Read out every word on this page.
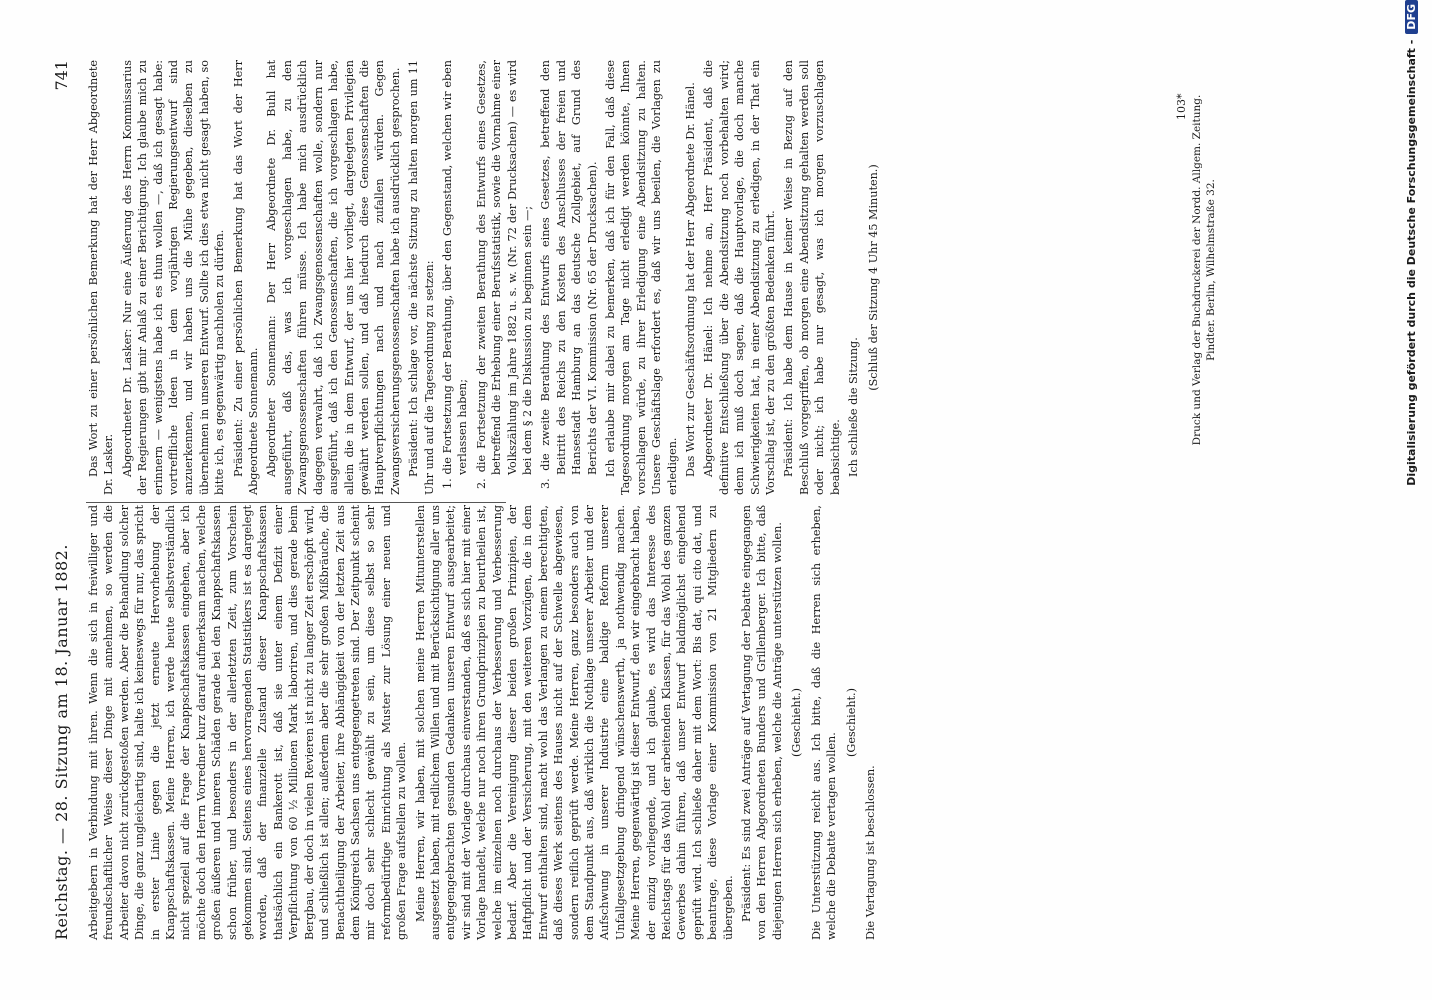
Reichstag. — 28. Sitzung am 18. Januar 1882.
741

Arbeitgebern in Verbindung mit ihren. Wenn die sich in freiwilliger und freundschaftlicher Weise dieser Dinge mit annehmen, so werden die Arbeiter davon nicht zurückgestoßen werden. Aber die Behandlung solcher Dinge, die ganz ungleichartig sind, halte ich keineswegs für nur, das spricht in erster Linie gegen die jetzt erneute Hervorhebung der Knappschaftskassen. Meine Herren, ich werde heute selbstverständlich nicht speziell auf die Frage der Knappschaftskassen eingehen, aber ich möchte doch den Herrn Vorredner kurz darauf aufmerksam machen, welche großen äußeren und inneren Schäden gerade bei den Knappschaftskassen schon früher, und besonders in der allerletzten Zeit, zum Vorschein gekommen sind. Seitens eines hervorragenden Statistikers ist es dargelegt worden, daß der finanzielle Zustand dieser Knappschaftskassen thatsächlich ein Bankerott ist, daß sie unter einem Defizit einer Verpflichtung von 60 ½ Millionen Mark laboriren, und dies gerade beim Bergbau, der doch in vielen Revieren ist nicht zu langer Zeit erschöpft wird, und schließlich ist allen; außerdem aber die sehr großen Mißbräuche, die Benachtheiligung der Arbeiter, ihre Abhängigkeit von der letzten Zeit aus dem Königreich Sachsen uns entgegengetreten sind. Der Zeitpunkt scheint mir doch sehr schlecht gewählt zu sein, um diese selbst so sehr reformbedürftige Einrichtung als Muster zur Lösung einer neuen und großen Frage aufstellen zu wollen. Meine Herren, wir haben, mit solchen meine Herren Mitunterstellen ausgesetzt haben, mit redlichem Willen und mit Berücksichtigung aller uns entgegengebrachten gesunden Gedanken unseren Entwurf ausgearbeitet; wir sind mit der Vorlage durchaus einverstanden, daß es sich hier mit einer Vorlage handelt, welche nur noch ihren Grundprinzipien zu beurtheilen ist, welche im einzelnen noch durchaus der Verbesserung und Verbesserung bedarf. Aber die Vereinigung dieser beiden großen Prinzipien, der Haftpflicht und der Versicherung, mit den weiteren Vorzügen, die in dem Entwurf enthalten sind, macht wohl das Verlangen zu einem berechtigten, daß dieses Werk seitens des Hauses nicht auf der Schwelle abgewiesen, sondern reiflich geprüft werde. Meine Herren, ganz besonders auch von dem Standpunkt aus, daß wirklich die Nothlage unserer Arbeiter und der Aufschwung in unserer Industrie eine baldige Reform unserer Unfallgesetzgebung dringend wünschenswerth, ja nothwendig machen. Meine Herren, gegenwärtig ist dieser Entwurf, den wir eingebracht haben, der einzig vorliegende, und ich glaube, es wird das Interesse des Reichstags für das Wohl der arbeitenden Klassen, für das Wohl des ganzen Gewerbes dahin führen, daß unser Entwurf baldmöglichst eingehend geprüft wird. Ich schließe daher mit dem Wort: Bis dat, qui cito dat, und beantrage, diese Vorlage einer Kommission von 21 Mitgliedern zu übergeben. Präsident: Es sind zwei Anträge auf Vertagung der Debatte eingegangen von den Herren Abgeordneten Bunders und Grillenberger. Ich bitte, daß diejenigen Herren sich erheben, welche die Anträge unterstützen wollen. (Geschieht.) Die Unterstützung reicht aus. Ich bitte, daß die Herren sich erheben, welche die Debatte vertagen wollen.

(Geschieht.)

Die Vertagung ist beschlossen.

Das Wort zu einer persönlichen Bemerkung hat der Herr Abgeordnete Dr. Lasker. Abgeordneter Dr. Lasker: Nur eine Äußerung des Herrn Kommissarius der Regierungen gibt mir Anlaß zu einer Berichtigung. Ich glaube mich zu erinnern — wenigstens habe ich es thun wollen —, daß ich gesagt habe: vortreffliche Ideen in dem vorjährigen Regierungsentwurf sind anzuerkennen, und wir haben uns die Mühe gegeben, dieselben zu übernehmen in unseren Entwurf. Sollte ich dies etwa nicht gesagt haben, so bitte ich, es gegenwärtig nachholen zu dürfen. Präsident: Zu einer persönlichen Bemerkung hat das Wort der Herr Abgeordnete Sonnemann. Abgeordneter Sonnemann: Der Herr Abgeordnete Dr. Buhl hat ausgeführt, daß das, was ich vorgeschlagen habe, zu den Zwangsgenossenschaften führen müsse. Ich habe mich ausdrücklich dagegen verwahrt, daß ich Zwangsgenossenschaften wolle, sondern nur ausgeführt, daß ich den Genossenschaften, die ich vorgeschlagen habe, allein die in dem Entwurf, der uns hier vorliegt, dargelegten Privilegien gewährt werden sollen, und daß hiedurch diese Genossenschaften die Hauptverpflichtungen nach und nach zufallen würden. Gegen Zwangsversicherungsgenossenschaften habe ich ausdrücklich gesprochen. Präsident: Ich schlage vor, die nächste Sitzung zu halten morgen um 11 Uhr und auf die Tagesordnung zu setzen: 1. die Fortsetzung der Berathung, über den Gegenstand, welchen wir eben verlassen haben; 2. die Fortsetzung der zweiten Berathung des Entwurfs eines Gesetzes, betreffend die Erhebung einer Berufsstatistik, sowie die Vornahme einer Volkszählung im Jahre 1882 u. s. w. (Nr. 72 der Drucksachen) — es wird bei dem § 2 die Diskussion zu beginnen sein —; 3. die zweite Berathung des Entwurfs eines Gesetzes, betreffend den Beitritt des Reichs zu den Kosten des Anschlusses der freien und Hansestadt Hamburg an das deutsche Zollgebiet, auf Grund des Berichts der VI. Kommission (Nr. 65 der Drucksachen). Ich erlaube mir dabei zu bemerken, daß ich für den Fall, daß diese Tagesordnung morgen am Tage nicht erledigt werden könnte, Ihnen vorschlagen würde, zu ihrer Erledigung eine Abendsitzung zu halten. Unsere Geschäftslage erfordert es, daß wir uns beeilen, die Vorlagen zu erledigen. Das Wort zur Geschäftsordnung hat der Herr Abgeordnete Dr. Hänel. Abgeordneter Dr. Hänel: Ich nehme an, Herr Präsident, daß die definitive Entschließung über die Abendsitzung noch vorbehalten wird; denn ich muß doch sagen, daß die Hauptvorlage, die doch manche Schwierigkeiten hat, in einer Abendsitzung zu erledigen, in der That ein Vorschlag ist, der zu den größten Bedenken führt. Präsident: Ich habe dem Hause in keiner Weise in Bezug auf den Beschluß vorgegriffen, ob morgen eine Abendsitzung gehalten werden soll oder nicht; ich habe nur gesagt, was ich morgen vorzuschlagen beabsichtige. Ich schließe die Sitzung.

(Schluß der Sitzung 4 Uhr 45 Minuten.)	Druck und Verlag der Buchdruckerei der Nordd. Allgem. Zeitung. Pindter. Berlin, Wilhelmstraße 32.
103*	Digitalisierung gefördert durch die Deutsche Forschungsgemeinschaft -DFG
